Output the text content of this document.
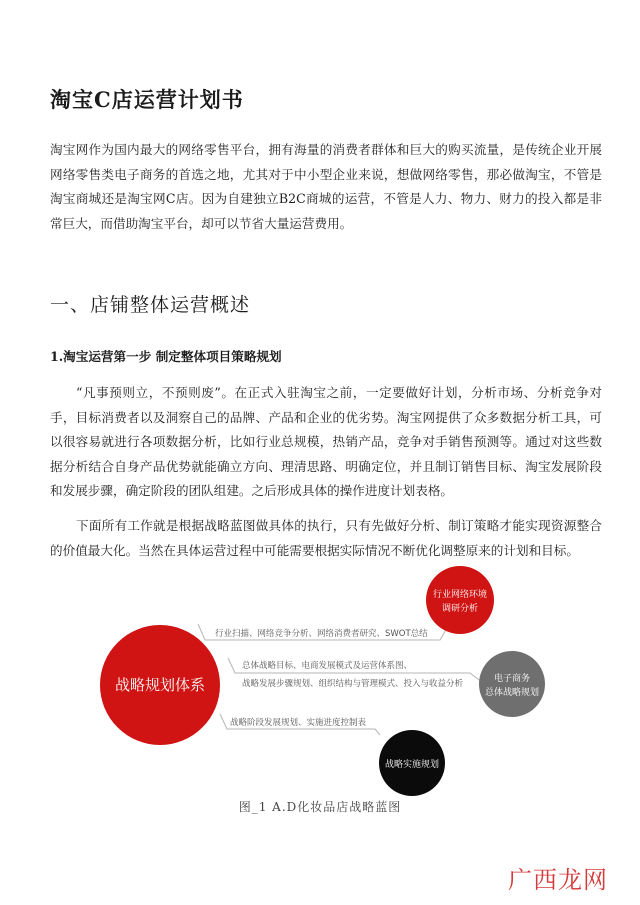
淘宝C店运营计划书

淘宝网作为国内最大的网络零售平台，拥有海量的消费者群体和巨大的购买流量，是传统企业开展网络零售类电子商务的首选之地，尤其对于中小型企业来说，想做网络零售，那必做淘宝，不管是淘宝商城还是淘宝网C店。因为自建独立B2C商城的运营，不管是人力、物力、财力的投入都是非常巨大，而借助淘宝平台，却可以节省大量运营费用。

一、店铺整体运营概述
1.淘宝运营第一步 制定整体项目策略规划

“凡事预则立，不预则废”。在正式入驻淘宝之前，一定要做好计划，分析市场、分析竞争对手，目标消费者以及洞察自己的品牌、产品和企业的优劣势。淘宝网提供了众多数据分析工具，可以很容易就进行各项数据分析，比如行业总规模，热销产品，竞争对手销售预测等。通过对这些数据分析结合自身产品优势就能确立方向、理清思路、明确定位，并且制订销售目标、淘宝发展阶段和发展步骤，确定阶段的团队组建。之后形成具体的操作进度计划表格。

下面所有工作就是根据战略蓝图做具体的执行，只有先做好分析、制订策略才能实现资源整合的价值最大化。当然在具体运营过程中可能需要根据实际情况不断优化调整原来的计划和目标。

行业扫描、网络竞争分析、网络消费者研究、SWOT总结
总体战略目标、电商发展模式及运营体系图、
战略发展步骤规划、组织结构与管理模式、投入与收益分析
战略阶段发展规划、实施进度控制表
战略规划体系
行业网络环境
调研分析
电子商务
总体战略规划
战略实施规划

图_1 A.D化妆品店战略蓝图

广西龙网
